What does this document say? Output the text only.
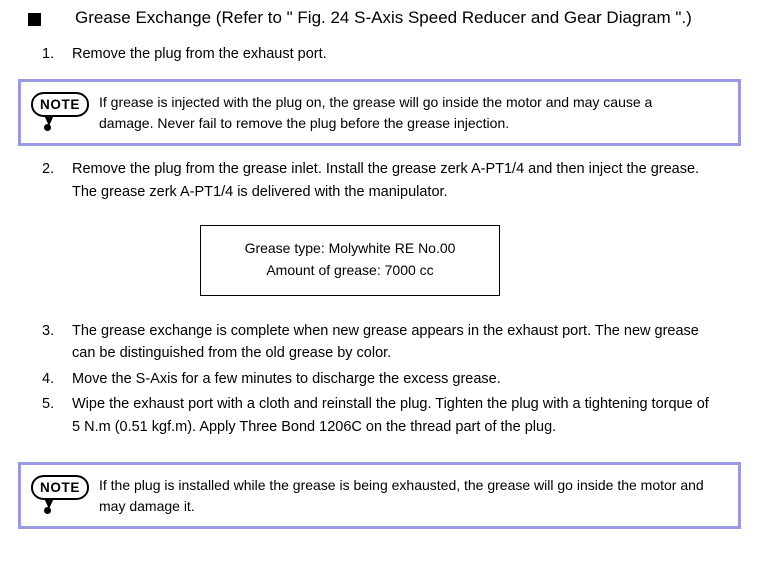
Grease Exchange (Refer to " Fig. 24 S-Axis Speed Reducer and Gear Diagram ".)
1.	Remove the plug from the exhaust port.
NOTE If grease is injected with the plug on, the grease will go inside the motor and may cause a damage. Never fail to remove the plug before the grease injection.
2.	Remove the plug from the grease inlet. Install the grease zerk A-PT1/4 and then inject the grease. The grease zerk A-PT1/4 is delivered with the manipulator.
Grease type: Molywhite RE No.00
Amount of grease: 7000 cc
3.	The grease exchange is complete when new grease appears in the exhaust port. The new grease can be distinguished from the old grease by color.
4.	Move the S-Axis for a few minutes to discharge the excess grease.
5.	Wipe the exhaust port with a cloth and reinstall the plug. Tighten the plug with a tightening torque of 5 N.m (0.51 kgf.m). Apply Three Bond 1206C on the thread part of the plug.
NOTE If the plug is installed while the grease is being exhausted, the grease will go inside the motor and may damage it.
